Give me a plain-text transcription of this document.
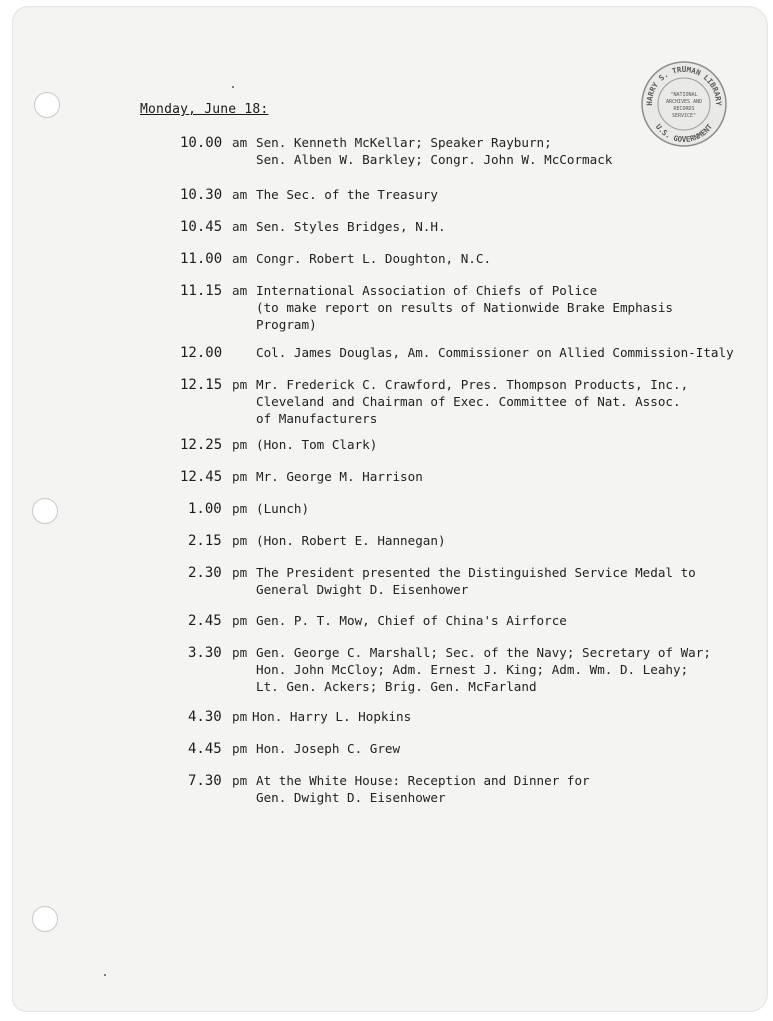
HARRY S. TRUMAN LIBRARY
U.S. GOVERNMENT
"NATIONAL
ARCHIVES AND
RECORDS
SERVICE"
Monday, June 18:
10.00 am Sen. Kenneth McKellar; Speaker Rayburn;
Sen. Alben W. Barkley; Congr. John W. McCormack
10.30 am The Sec. of the Treasury
10.45 am Sen. Styles Bridges, N.H.
11.00 am Congr. Robert L. Doughton, N.C.
11.15 am International Association of Chiefs of Police
(to make report on results of Nationwide Brake Emphasis
Program)
12.00	Col. James Douglas, Am. Commissioner on Allied Commission-Italy
12.15 pm Mr. Frederick C. Crawford, Pres. Thompson Products, Inc.,
Cleveland and Chairman of Exec. Committee of Nat. Assoc.
of Manufacturers
12.25 pm (Hon. Tom Clark)
12.45 pm Mr. George M. Harrison
1.00 pm (Lunch)
2.15 pm (Hon. Robert E. Hannegan)
2.30 pm The President presented the Distinguished Service Medal to
General Dwight D. Eisenhower
2.45 pm Gen. P. T. Mow, Chief of China's Airforce
3.30 pm Gen. George C. Marshall; Sec. of the Navy; Secretary of War;
Hon. John McCloy; Adm. Ernest J. King; Adm. Wm. D. Leahy;
Lt. Gen. Ackers; Brig. Gen. McFarland
4.30 pm Hon. Harry L. Hopkins
4.45 pm Hon. Joseph C. Grew
7.30 pm At the White House: Reception and Dinner for
Gen. Dwight D. Eisenhower
